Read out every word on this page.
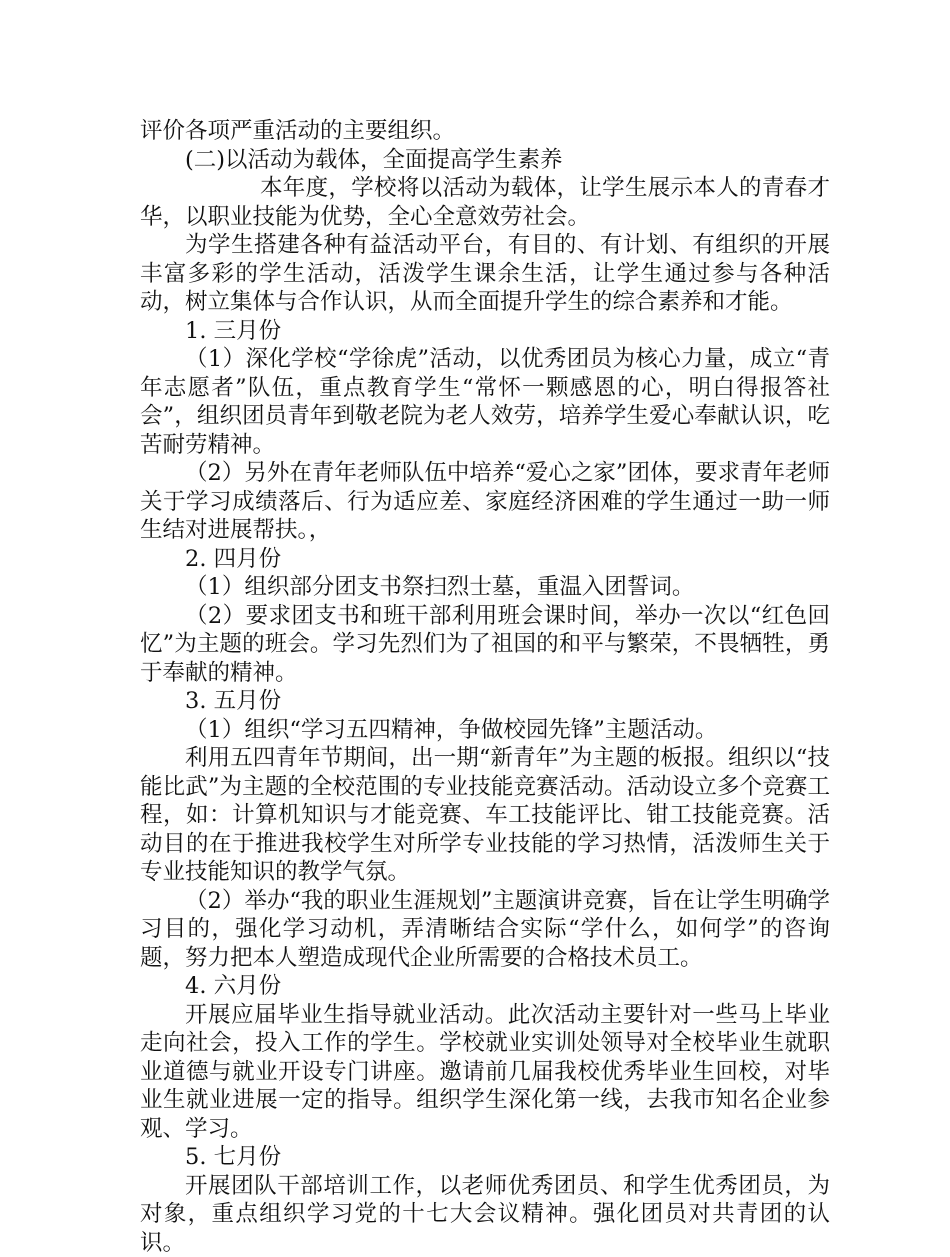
评价各项严重活动的主要组织。

(二)以活动为载体，全面提高学生素养

本年度，学校将以活动为载体，让学生展示本人的青春才华，以职业技能为优势，全心全意效劳社会。

为学生搭建各种有益活动平台，有目的、有计划、有组织的开展丰富多彩的学生活动，活泼学生课余生活，让学生通过参与各种活动，树立集体与合作认识，从而全面提升学生的综合素养和才能。

1. 三月份

（1）深化学校“学徐虎”活动，以优秀团员为核心力量，成立“青年志愿者”队伍，重点教育学生“常怀一颗感恩的心，明白得报答社会”，组织团员青年到敬老院为老人效劳，培养学生爱心奉献认识，吃苦耐劳精神。

（2）另外在青年老师队伍中培养“爱心之家”团体，要求青年老师关于学习成绩落后、行为适应差、家庭经济困难的学生通过一助一师生结对进展帮扶。，

2. 四月份

（1）组织部分团支书祭扫烈士墓，重温入团誓词。

（2）要求团支书和班干部利用班会课时间，举办一次以“红色回忆”为主题的班会。学习先烈们为了祖国的和平与繁荣，不畏牺牲，勇于奉献的精神。

3. 五月份

（1）组织“学习五四精神，争做校园先锋”主题活动。

利用五四青年节期间，出一期“新青年”为主题的板报。组织以“技能比武”为主题的全校范围的专业技能竞赛活动。活动设立多个竞赛工程，如：计算机知识与才能竞赛、车工技能评比、钳工技能竞赛。活动目的在于推进我校学生对所学专业技能的学习热情，活泼师生关于专业技能知识的教学气氛。

（2）举办“我的职业生涯规划”主题演讲竞赛，旨在让学生明确学习目的，强化学习动机，弄清晰结合实际“学什么，如何学”的咨询题，努力把本人塑造成现代企业所需要的合格技术员工。

4. 六月份

开展应届毕业生指导就业活动。此次活动主要针对一些马上毕业走向社会，投入工作的学生。学校就业实训处领导对全校毕业生就职业道德与就业开设专门讲座。邀请前几届我校优秀毕业生回校，对毕业生就业进展一定的指导。组织学生深化第一线，去我市知名企业参观、学习。

5. 七月份

开展团队干部培训工作，以老师优秀团员、和学生优秀团员，为对象，重点组织学习党的十七大会议精神。强化团员对共青团的认识。
